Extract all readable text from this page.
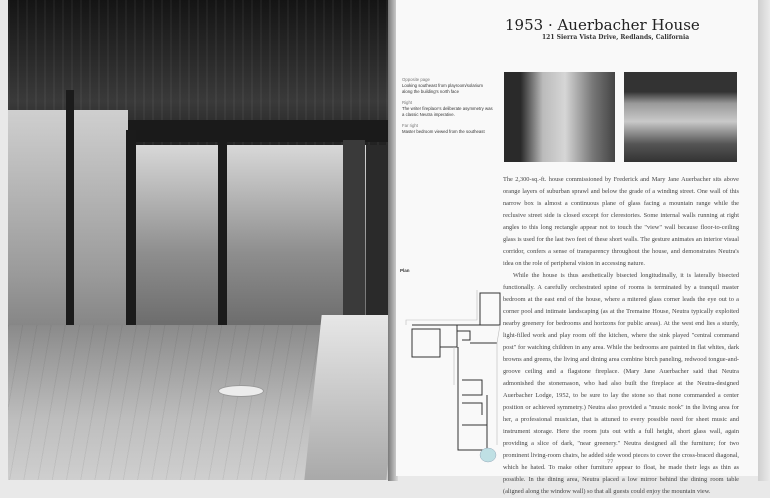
1953 · Auerbacher House
121 Sierra Vista Drive, Redlands, California
Opposite page
Looking southeast from playroom/solarium along the building's north face
Right
The writer fireplace's deliberate asymmetry was a classic Neutra imperative.
Far right
Master bedroom viewed from the southeast

The 2,300-sq.-ft. house commissioned by Frederick and Mary Jane Auerbacher sits above orange layers of suburban sprawl and below the grade of a winding street. One wall of this narrow box is almost a continuous plane of glass facing a mountain range while the reclusive street side is closed except for clerestories. Some internal walls running at right angles to this long rectangle appear not to touch the "view" wall because floor-to-ceiling glass is used for the last two feet of these short walls. The gesture animates an interior visual corridor, confers a sense of transparency throughout the house, and demonstrates Neutra's idea on the role of peripheral vision in accessing nature.

While the house is thus aesthetically bisected longitudinally, it is laterally bisected functionally. A carefully orchestrated spine of rooms is terminated by a tranquil master bedroom at the east end of the house, where a mitered glass corner leads the eye out to a corner pool and intimate landscaping (as at the Tremaine House, Neutra typically exploited nearby greenery for bedrooms and horizons for public areas). At the west end lies a sturdy, light-filled work and play room off the kitchen, where the sink played "central command post" for watching children in any area. While the bedrooms are painted in flat whites, dark browns and greens, the living and dining area combine birch paneling, redwood tongue-and-groove ceiling and a flagstone fireplace. (Mary Jane Auerbacher said that Neutra admonished the stonemason, who had also built the fireplace at the Neutra-designed Auerbacher Lodge, 1952, to be sure to lay the stone so that none commanded a center position or achieved symmetry.) Neutra also provided a "music nook" in the living area for her, a professional musician, that is attuned to every possible need for sheet music and instrument storage. Here the room juts out with a full height, short glass wall, again providing a slice of dark, "near greenery." Neutra designed all the furniture; for two prominent living-room chairs, he added side wood pieces to cover the cross-braced diagonal, which he hated. To make other furniture appear to float, he made their legs as thin as possible. In the dining area, Neutra placed a low mirror behind the dining room table (aligned along the window wall) so that all guests could enjoy the mountain view.

Plan
77
